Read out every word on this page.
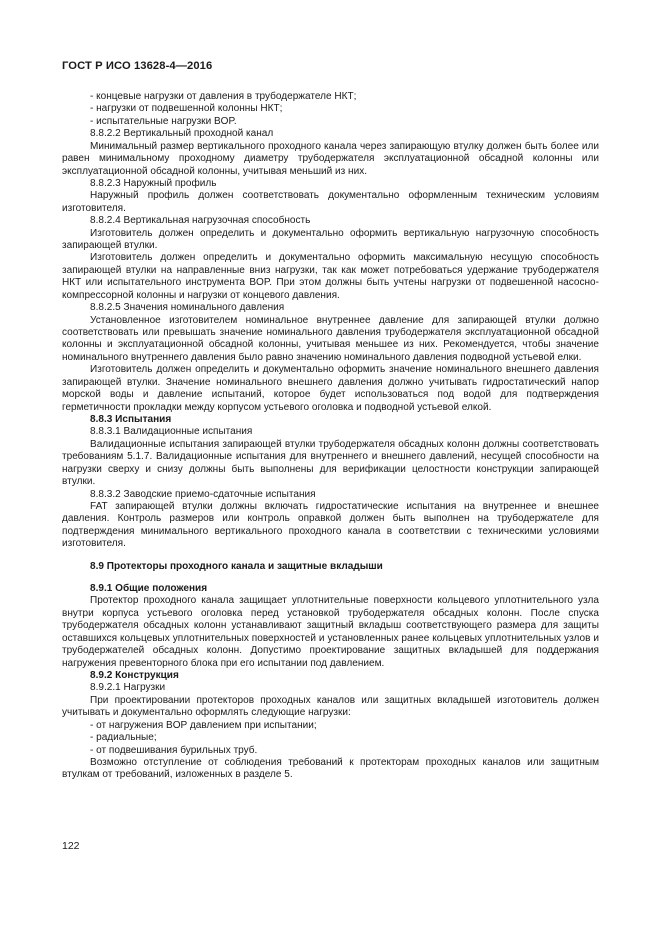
ГОСТ Р ИСО 13628-4—2016

- концевые нагрузки от давления в трубодержателе НКТ;

- нагрузки от подвешенной колонны НКТ;

- испытательные нагрузки BOP.

8.8.2.2 Вертикальный проходной канал

Минимальный размер вертикального проходного канала через запирающую втулку должен быть более или равен минимальному проходному диаметру трубодержателя эксплуатационной обсадной колонны или эксплуатационной обсадной колонны, учитывая меньший из них.

8.8.2.3 Наружный профиль

Наружный профиль должен соответствовать документально оформленным техническим условиям изготовителя.

8.8.2.4 Вертикальная нагрузочная способность

Изготовитель должен определить и документально оформить вертикальную нагрузочную способность запирающей втулки.

Изготовитель должен определить и документально оформить максимальную несущую способность запирающей втулки на направленные вниз нагрузки, так как может потребоваться удержание трубодержателя НКТ или испытательного инструмента BOP. При этом должны быть учтены нагрузки от подвешенной насосно-компрессорной колонны и нагрузки от концевого давления.

8.8.2.5 Значения номинального давления

Установленное изготовителем номинальное внутреннее давление для запирающей втулки должно соответствовать или превышать значение номинального давления трубодержателя эксплуатационной обсадной колонны и эксплуатационной обсадной колонны, учитывая меньшее из них. Рекомендуется, чтобы значение номинального внутреннего давления было равно значению номинального давления подводной устьевой елки.

Изготовитель должен определить и документально оформить значение номинального внешнего давления запирающей втулки. Значение номинального внешнего давления должно учитывать гидростатический напор морской воды и давление испытаний, которое будет использоваться под водой для подтверждения герметичности прокладки между корпусом устьевого оголовка и подводной устьевой елкой.

8.8.3 Испытания

8.8.3.1 Валидационные испытания

Валидационные испытания запирающей втулки трубодержателя обсадных колонн должны соответствовать требованиям 5.1.7. Валидационные испытания для внутреннего и внешнего давлений, несущей способности на нагрузки сверху и снизу должны быть выполнены для верификации целостности конструкции запирающей втулки.

8.8.3.2 Заводские приемо-сдаточные испытания

FAT запирающей втулки должны включать гидростатические испытания на внутреннее и внешнее давления. Контроль размеров или контроль оправкой должен быть выполнен на трубодержателе для подтверждения минимального вертикального проходного канала в соответствии с техническими условиями изготовителя.

8.9 Протекторы проходного канала и защитные вкладыши

8.9.1 Общие положения

Протектор проходного канала защищает уплотнительные поверхности кольцевого уплотнительного узла внутри корпуса устьевого оголовка перед установкой трубодержателя обсадных колонн. После спуска трубодержателя обсадных колонн устанавливают защитный вкладыш соответствующего размера для защиты оставшихся кольцевых уплотнительных поверхностей и установленных ранее кольцевых уплотнительных узлов и трубодержателей обсадных колонн. Допустимо проектирование защитных вкладышей для поддержания нагружения превенторного блока при его испытании под давлением.

8.9.2 Конструкция

8.9.2.1 Нагрузки

При проектировании протекторов проходных каналов или защитных вкладышей изготовитель должен учитывать и документально оформлять следующие нагрузки:

- от нагружения BOP давлением при испытании;

- радиальные;

- от подвешивания бурильных труб.

Возможно отступление от соблюдения требований к протекторам проходных каналов или защитным втулкам от требований, изложенных в разделе 5.

122
